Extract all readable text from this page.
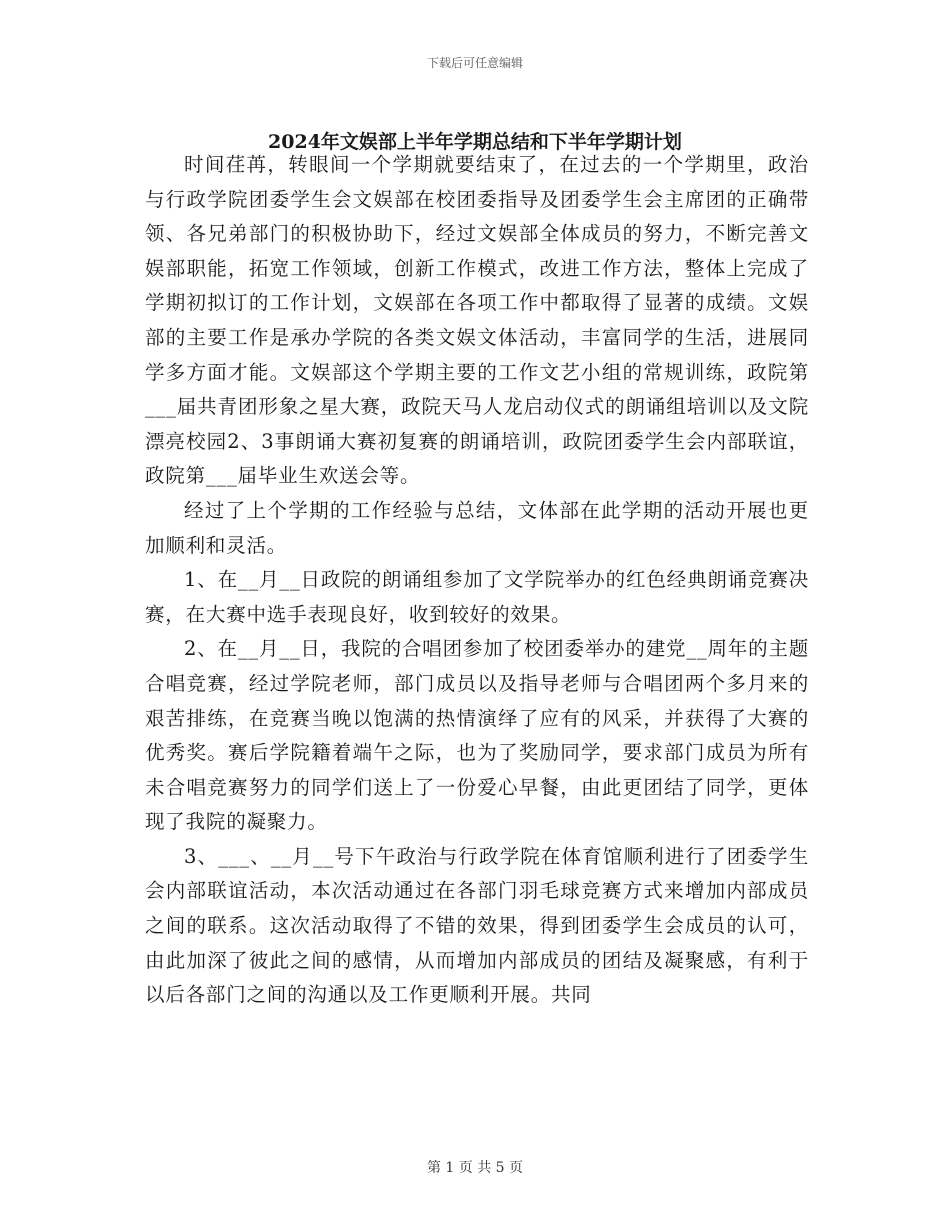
下载后可任意编辑
2024年文娱部上半年学期总结和下半年学期计划

时间荏苒，转眼间一个学期就要结束了，在过去的一个学期里，政治与行政学院团委学生会文娱部在校团委指导及团委学生会主席团的正确带领、各兄弟部门的积极协助下，经过文娱部全体成员的努力，不断完善文娱部职能，拓宽工作领域，创新工作模式，改进工作方法，整体上完成了学期初拟订的工作计划，文娱部在各项工作中都取得了显著的成绩。文娱部的主要工作是承办学院的各类文娱文体活动，丰富同学的生活，进展同学多方面才能。文娱部这个学期主要的工作文艺小组的常规训练，政院第___届共青团形象之星大赛，政院天马人龙启动仪式的朗诵组培训以及文院漂亮校园2、3事朗诵大赛初复赛的朗诵培训，政院团委学生会内部联谊，政院第___届毕业生欢送会等。

经过了上个学期的工作经验与总结，文体部在此学期的活动开展也更加顺利和灵活。

1、在__月__日政院的朗诵组参加了文学院举办的红色经典朗诵竞赛决赛，在大赛中选手表现良好，收到较好的效果。

2、在__月__日，我院的合唱团参加了校团委举办的建党__周年的主题合唱竞赛，经过学院老师，部门成员以及指导老师与合唱团两个多月来的艰苦排练，在竞赛当晚以饱满的热情演绎了应有的风采，并获得了大赛的优秀奖。赛后学院籍着端午之际，也为了奖励同学，要求部门成员为所有未合唱竞赛努力的同学们送上了一份爱心早餐，由此更团结了同学，更体现了我院的凝聚力。

3、___、__月__号下午政治与行政学院在体育馆顺利进行了团委学生会内部联谊活动，本次活动通过在各部门羽毛球竞赛方式来增加内部成员之间的联系。这次活动取得了不错的效果，得到团委学生会成员的认可，由此加深了彼此之间的感情，从而增加内部成员的团结及凝聚感，有利于以后各部门之间的沟通以及工作更顺利开展。共同

第 1 页 共 5 页
